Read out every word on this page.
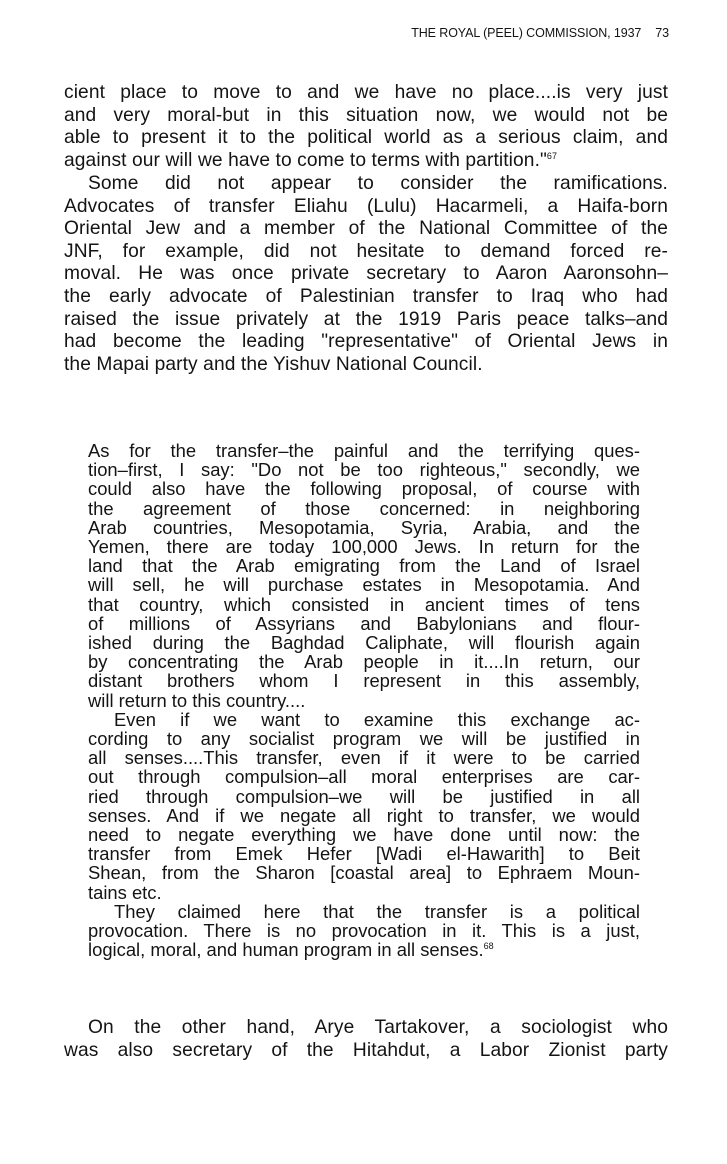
THE ROYAL (PEEL) COMMISSION, 1937 73
cient place to move to and we have no place....is very just
and very moral-but in this situation now, we would not be
able to present it to the political world as a serious claim, and
against our will we have to come to terms with partition."$^{67}$
Some did not appear to consider the ramifications.
Advocates of transfer Eliahu (Lulu) Hacarmeli, a Haifa-born
Oriental Jew and a member of the National Committee of the
JNF, for example, did not hesitate to demand forced re-
moval. He was once private secretary to Aaron Aaronsohn–
the early advocate of Palestinian transfer to Iraq who had
raised the issue privately at the 1919 Paris peace talks–and
had become the leading "representative" of Oriental Jews in
the Mapai party and the Yishuv National Council.
As for the transfer–the painful and the terrifying ques-
tion–first, I say: "Do not be too righteous," secondly, we
could also have the following proposal, of course with
the agreement of those concerned: in neighboring
Arab countries, Mesopotamia, Syria, Arabia, and the
Yemen, there are today 100,000 Jews. In return for the
land that the Arab emigrating from the Land of Israel
will sell, he will purchase estates in Mesopotamia. And
that country, which consisted in ancient times of tens
of millions of Assyrians and Babylonians and flour-
ished during the Baghdad Caliphate, will flourish again
by concentrating the Arab people in it....In return, our
distant brothers whom I represent in this assembly,
will return to this country....
Even if we want to examine this exchange ac-
cording to any socialist program we will be justified in
all senses....This transfer, even if it were to be carried
out through compulsion–all moral enterprises are car-
ried through compulsion–we will be justified in all
senses. And if we negate all right to transfer, we would
need to negate everything we have done until now: the
transfer from Emek Hefer [Wadi el-Hawarith] to Beit
Shean, from the Sharon [coastal area] to Ephraem Moun-
tains etc.
They claimed here that the transfer is a political
provocation. There is no provocation in it. This is a just,
logical, moral, and human program in all senses.$^{68}$
On the other hand, Arye Tartakover, a sociologist who
was also secretary of the Hitahdut, a Labor Zionist party
